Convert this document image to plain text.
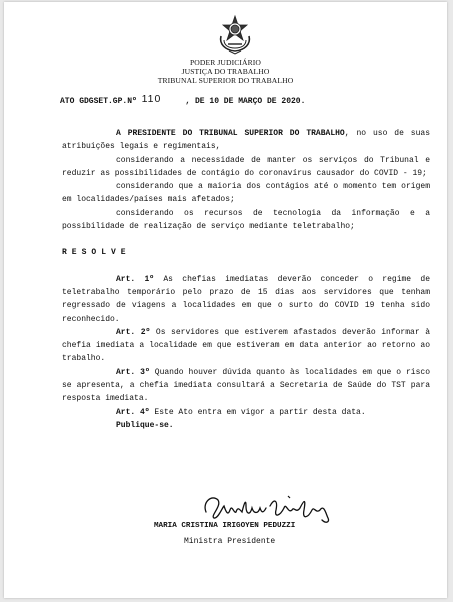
PODER JUDICIÁRIO
JUSTIÇA DO TRABALHO
TRIBUNAL SUPERIOR DO TRABALHO
ATO GDGSET.GP.Nº 110	, DE 10 DE MARÇO DE 2020.

A PRESIDENTE DO TRIBUNAL SUPERIOR DO TRABALHO, no uso de suas atribuições legais e regimentais,

considerando a necessidade de manter os serviços do Tribunal e reduzir as possibilidades de contágio do coronavírus causador do COVID - 19;

considerando que a maioria dos contágios até o momento tem origem em localidades/países mais afetados;

considerando os recursos de tecnologia da informação e a possibilidade de realização de serviço mediante teletrabalho;

RESOLVE

Art. 1º As chefias imediatas deverão conceder o regime de teletrabalho temporário pelo prazo de 15 dias aos servidores que tenham regressado de viagens a localidades em que o surto do COVID 19 tenha sido reconhecido.

Art. 2º Os servidores que estiverem afastados deverão informar à chefia imediata a localidade em que estiveram em data anterior ao retorno ao trabalho.

Art. 3º Quando houver dúvida quanto às localidades em que o risco se apresenta, a chefia imediata consultará a Secretaria de Saúde do TST para resposta imediata.

Art. 4º Este Ato entra em vigor a partir desta data.

Publique-se.

MARIA CRISTINA IRIGOYEN PEDUZZI
Ministra Presidente
